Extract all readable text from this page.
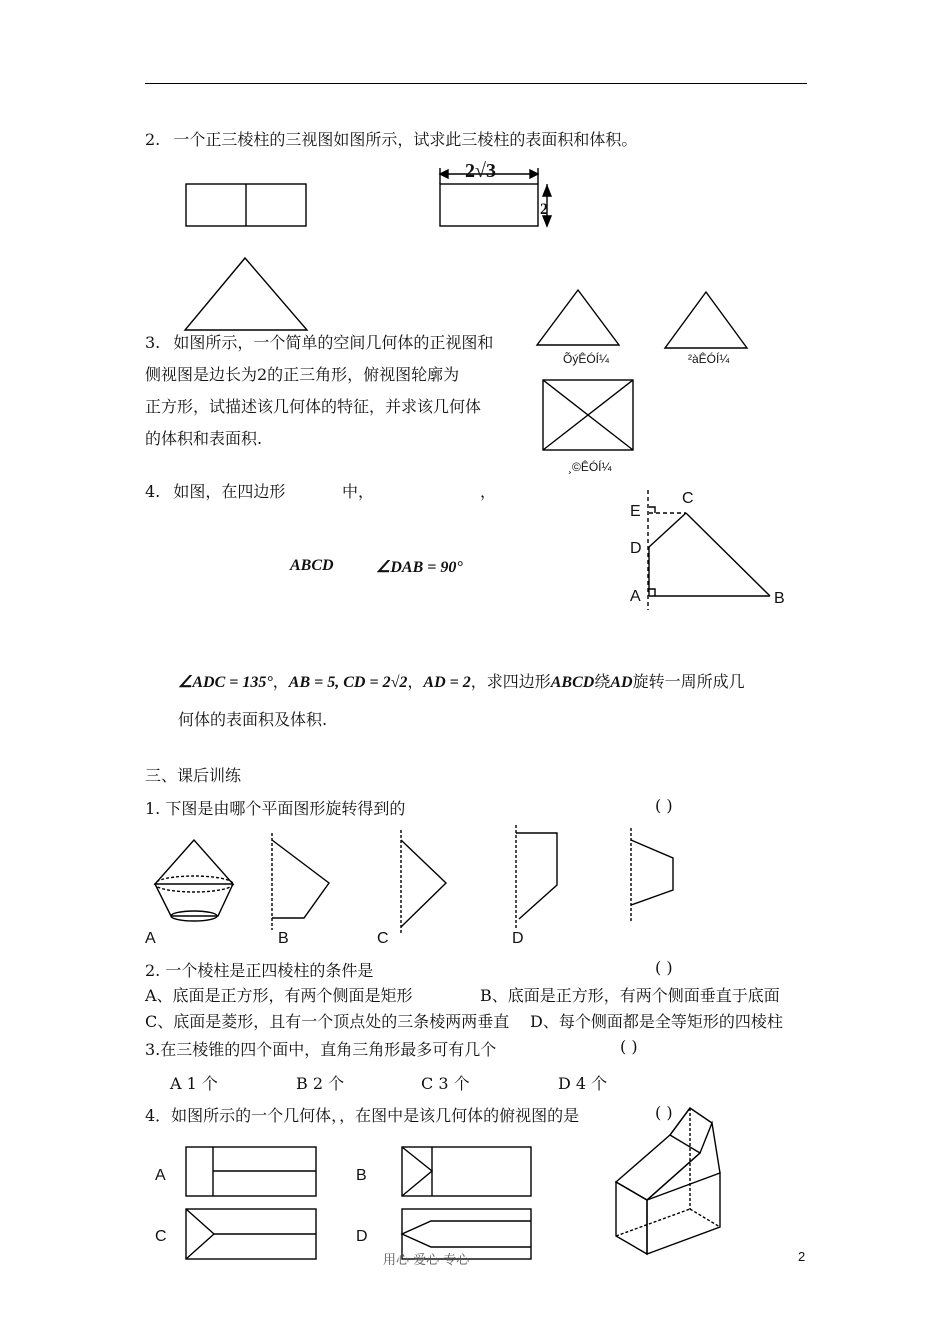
2. 一个正三棱柱的三视图如图所示，试求此三棱柱的表面积和体积。
2√3
2
3. 如图所示，一个简单的空间几何体的正视图和
侧视图是边长为2的正三角形，俯视图轮廓为
正方形，试描述该几何体的特征，并求该几何体
的体积和表面积.
ÕýÊÓÍ¼	²àÊÓÍ¼
¸©ÊÓÍ¼
4. 如图，在四边形	中，	，
ABCD	∠DAB = 90°
E
C
D
A	B
∠ADC = 135°，AB = 5, CD = 2√2，AD = 2，求四边形ABCD绕AD旋转一周所成几
何体的表面积及体积.
三、课后训练
1. 下图是由哪个平面图形旋转得到的	( )
A	B	C	D
2. 一个棱柱是正四棱柱的条件是	( )
A、底面是正方形，有两个侧面是矩形	B、底面是正方形，有两个侧面垂直于底面
C、底面是菱形，且有一个顶点处的三条棱两两垂直 D、每个侧面都是全等矩形的四棱柱
3.在三棱锥的四个面中，直角三角形最多可有几个	( )
A 1 个	B 2 个	C 3 个	D 4 个
4．如图所示的一个几何体，，在图中是该几何体的俯视图的是	( )
A	B
C	D
用心 爱心 专心	2
